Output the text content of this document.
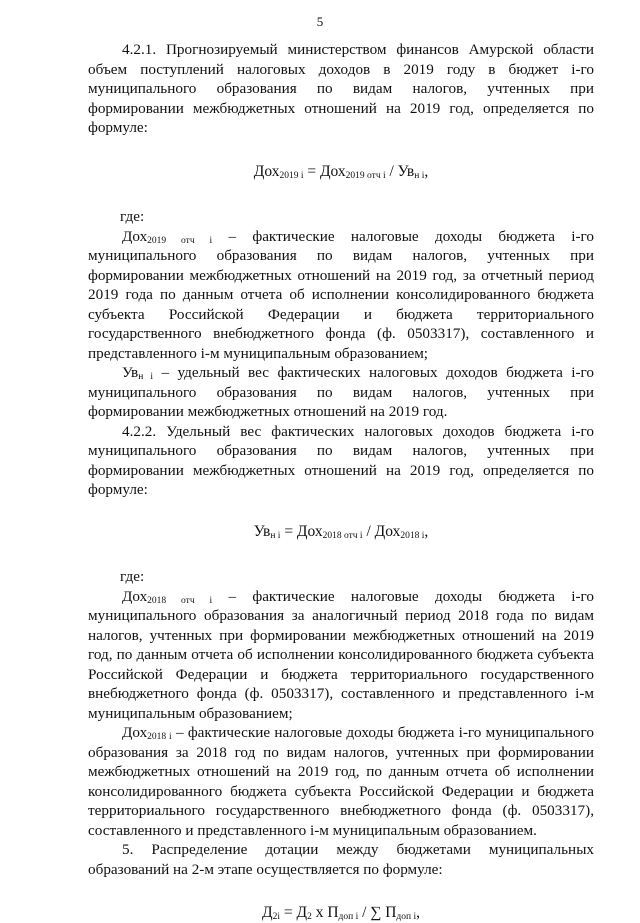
5

4.2.1. Прогнозируемый министерством финансов Амурской области объем поступлений налоговых доходов в 2019 году в бюджет i-го муниципального образования по видам налогов, учтенных при формировании межбюджетных отношений на 2019 год, определяется по формуле:

$Дох_{2019 i} = Дох_{2019 отч i} / Ув_{н i}$,

где:

Дох$_{2019 отч i}$ – фактические налоговые доходы бюджета i-го муниципального образования по видам налогов, учтенных при формировании межбюджетных отношений на 2019 год, за отчетный период 2019 года по данным отчета об исполнении консолидированного бюджета субъекта Российской Федерации и бюджета территориального государственного внебюджетного фонда (ф. 0503317), составленного и представленного i-м муниципальным образованием;

$Ув_{н i}$ – удельный вес фактических налоговых доходов бюджета i-го муниципального образования по видам налогов, учтенных при формировании межбюджетных отношений на 2019 год.

4.2.2. Удельный вес фактических налоговых доходов бюджета i-го муниципального образования по видам налогов, учтенных при формировании межбюджетных отношений на 2019 год, определяется по формуле:

$Ув_{н i} = Дох_{2018 отч i} / Дох_{2018 i}$,

где:

Дох$_{2018 отч i}$ – фактические налоговые доходы бюджета i-го муниципального образования за аналогичный период 2018 года по видам налогов, учтенных при формировании межбюджетных отношений на 2019 год, по данным отчета об исполнении консолидированного бюджета субъекта Российской Федерации и бюджета территориального государственного внебюджетного фонда (ф. 0503317), составленного и представленного i-м муниципальным образованием;

Дох$_{2018 i}$ – фактические налоговые доходы бюджета i-го муниципального образования за 2018 год по видам налогов, учтенных при формировании межбюджетных отношений на 2019 год, по данным отчета об исполнении консолидированного бюджета субъекта Российской Федерации и бюджета территориального государственного внебюджетного фонда (ф. 0503317), составленного и представленного i-м муниципальным образованием.

5. Распределение дотации между бюджетами муниципальных образований на 2-м этапе осуществляется по формуле:

$Д_{2i} = Д_2$ х $П_{доп i}$ / ∑ $П_{доп i}$,
